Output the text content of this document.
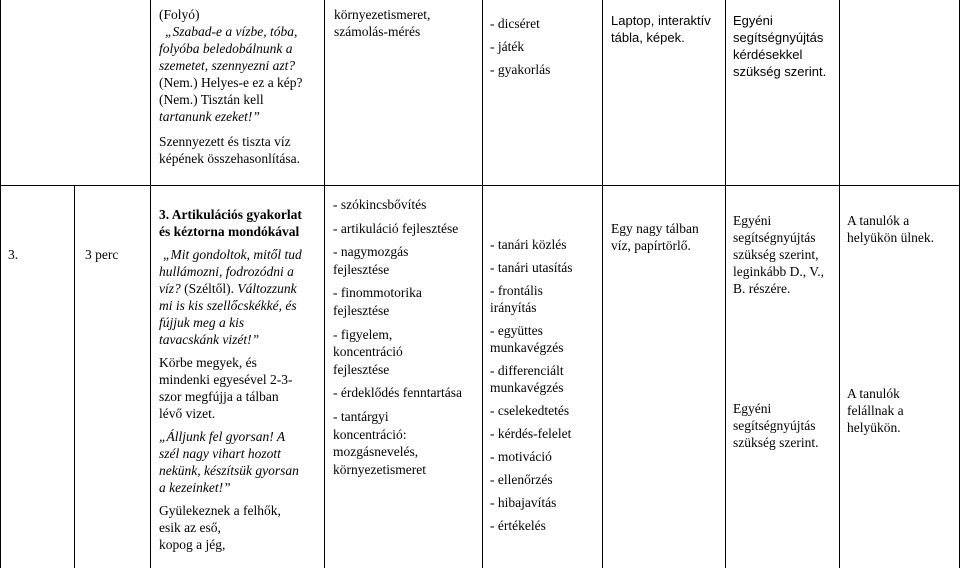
(Folyó)
„Szabad-e a vízbe, tóba,
folyóba beledobálnunk a
szemetet, szennyezni azt?
(Nem.) Helyes-e ez a kép?
(Nem.) Tisztán kell
tartanunk ezeket!”
Szennyezett és tiszta víz
képének összehasonlítása.
környezetismeret,
számolás-mérés
- dicséret
- játék
- gyakorlás
Laptop, interaktív
tábla, képek.
Egyéni
segítségnyújtás
kérdésekkel
szükség szerint.
3.	3 perc
3. Artikulációs gyakorlat
és kéztorna mondókával
„Mit gondoltok, mitől tud
hullámozni, fodrozódni a
víz? (Széltől). Változzunk
mi is kis szellőcskékké, és
fújjuk meg a kis
tavacskánk vizét!”
Körbe megyek, és
mindenki egyesével 2-3-
szor megfújja a tálban
lévő vizet.
„Álljunk fel gyorsan! A
szél nagy vihart hozott
nekünk, készítsük gyorsan
a kezeinket!”
Gyülekeznek a felhők,
esik az eső,
kopog a jég,
- szókincsbővítés
- artikuláció fejlesztése
- nagymozgás
fejlesztése
- finommotorika
fejlesztése
- figyelem,
koncentráció
fejlesztése
- érdeklődés fenntartása
- tantárgyi
koncentráció:
mozgásnevelés,
környezetismeret
- tanári közlés
- tanári utasítás
- frontális
irányítás
- együttes
munkavégzés
- differenciált
munkavégzés
- cselekedtetés
- kérdés-felelet
- motiváció
- ellenőrzés
- hibajavítás
- értékelés
Egy nagy tálban
víz, papírtörlő.
Egyéni
segítségnyújtás
szükség szerint,
leginkább D., V.,
B. részére.
Egyéni
segítségnyújtás
szükség szerint.
A tanulók a
helyükön ülnek.
A tanulók
felállnak a
helyükön.
